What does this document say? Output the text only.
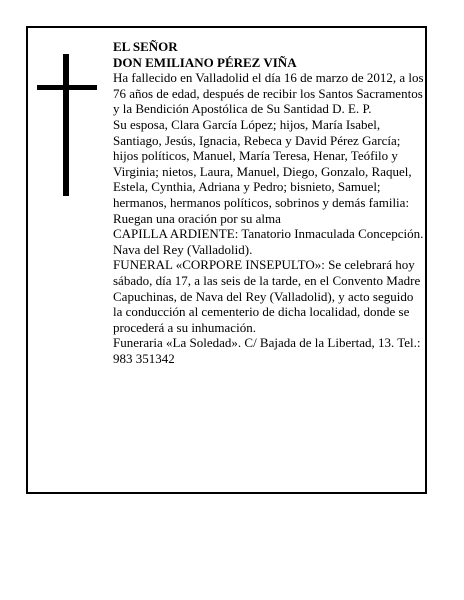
EL SEÑOR

DON EMILIANO PÉREZ VIÑA

Ha fallecido en Valladolid el día 16 de marzo de 2012, a los 76 años de edad, después de recibir los Santos Sacramentos y la Bendición Apostólica de Su Santidad D. E. P.

Su esposa, Clara García López; hijos, María Isabel, Santiago, Jesús, Ignacia, Rebeca y David Pérez García; hijos políticos, Manuel, María Teresa, Henar, Teófilo y Virginia; nietos, Laura, Manuel, Diego, Gonzalo, Raquel, Estela, Cynthia, Adriana y Pedro; bisnieto, Samuel; hermanos, hermanos políticos, sobrinos y demás familia:

Ruegan una oración por su alma

CAPILLA ARDIENTE: Tanatorio Inmaculada Concepción. Nava del Rey (Valladolid).

FUNERAL «CORPORE INSEPULTO»: Se celebrará hoy sábado, día 17, a las seis de la tarde, en el Convento Madre Capuchinas, de Nava del Rey (Valladolid), y acto seguido la conducción al cementerio de dicha localidad, donde se procederá a su inhumación.

Funeraria «La Soledad». C/ Bajada de la Libertad, 13. Tel.: 983 351342
